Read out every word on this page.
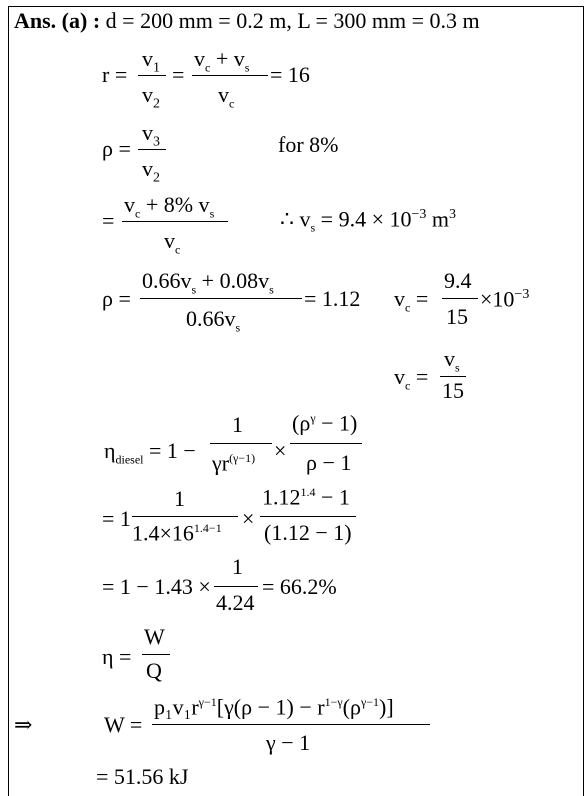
Ans. (a) : d = 200 mm = 0.2 m, L = 300 mm = 0.3 m
r =
$v_1$
$v_2$
=
$v_c + v_s$
$v_c$
= 16
ρ =
$v_3$
$v_2$
for 8%
=
$v_c + 8\%$ $v_s$
$v_c$
∴ $v_s = 9.4 \times 10^{-3}$ $m^3$
ρ =
$0.66v_s + 0.08v_s$
$0.66v_s$
= 1.12 $v_c$ =
9.4
15
$\times 10^{-3}$
$v_c$ =
$v_s$
15
$\eta_{diesel} = 1$ −
1
$\gamma r^{(\gamma-1)}$ ×
$(\rho^\gamma - 1)$
ρ − 1
= 1
1
$1.4\times 16^{1.4-1}$ ×
$1.12^{1.4} - 1$
(1.12 − 1)
= 1 − 1.43 ×
1
4.24
= 66.2%
η =
W
Q
⇒	W =
$p_1v_1r^{\gamma-1}[\gamma(\rho - 1) - r^{1-\gamma}(\rho^{\gamma-1})]$
γ − 1
= 51.56 kJ
